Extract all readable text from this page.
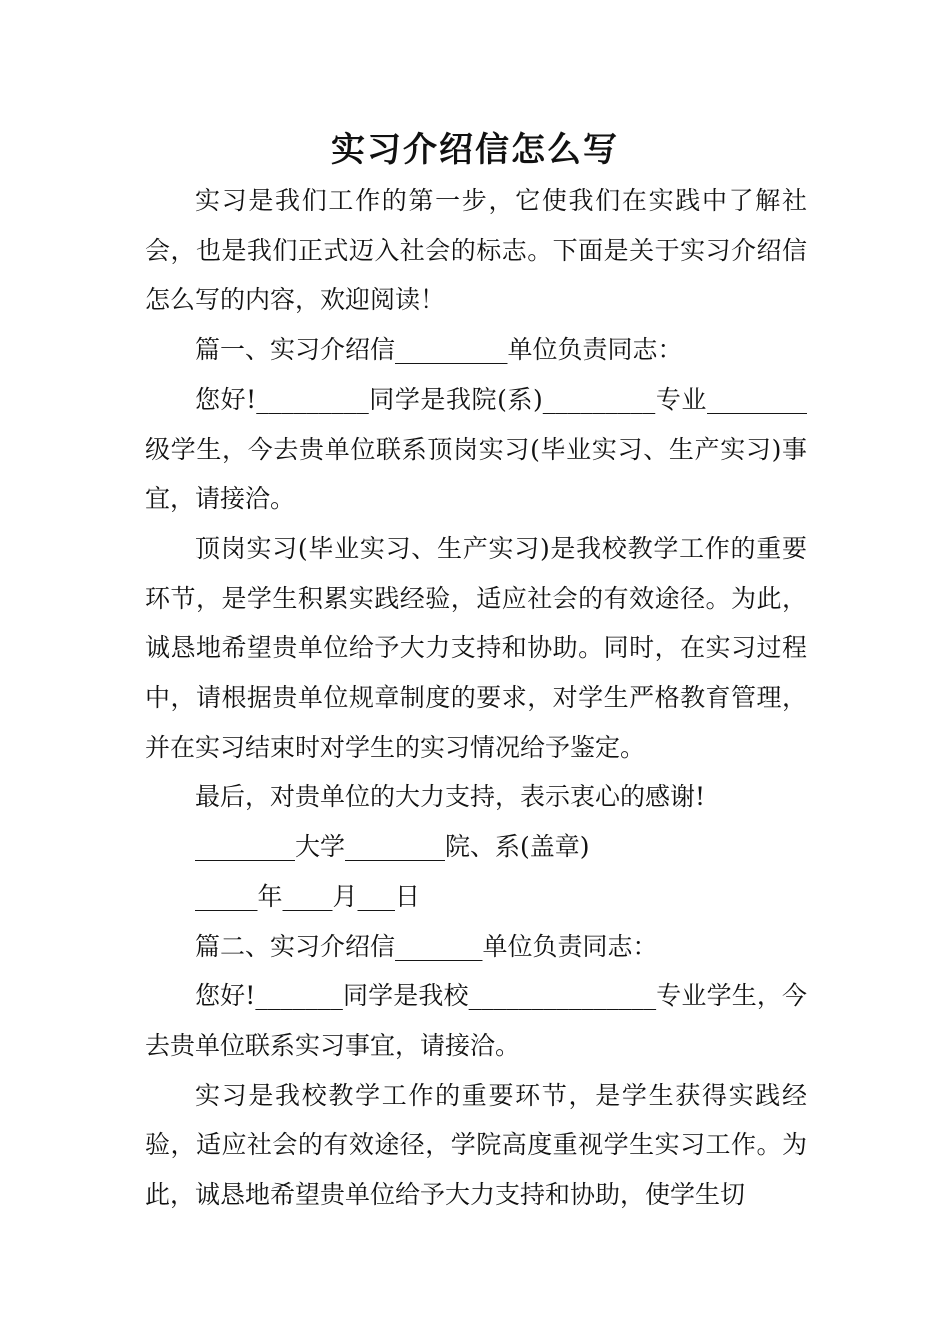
实习介绍信怎么写

实习是我们工作的第一步，它使我们在实践中了解社会，也是我们正式迈入社会的标志。下面是关于实习介绍信怎么写的内容，欢迎阅读！

篇一、实习介绍信_________单位负责同志：

您好!_________同学是我院(系)_________专业________级学生，今去贵单位联系顶岗实习(毕业实习、生产实习)事宜，请接洽。

顶岗实习(毕业实习、生产实习)是我校教学工作的重要环节，是学生积累实践经验，适应社会的有效途径。为此，诚恳地希望贵单位给予大力支持和协助。同时，在实习过程中，请根据贵单位规章制度的要求，对学生严格教育管理，并在实习结束时对学生的实习情况给予鉴定。

最后，对贵单位的大力支持，表示衷心的感谢!

________大学________院、系(盖章)

_____年____月___日

篇二、实习介绍信_______单位负责同志：

您好!_______同学是我校_______________专业学生，今去贵单位联系实习事宜，请接洽。

实习是我校教学工作的重要环节，是学生获得实践经验，适应社会的有效途径，学院高度重视学生实习工作。为此，诚恳地希望贵单位给予大力支持和协助，使学生切
